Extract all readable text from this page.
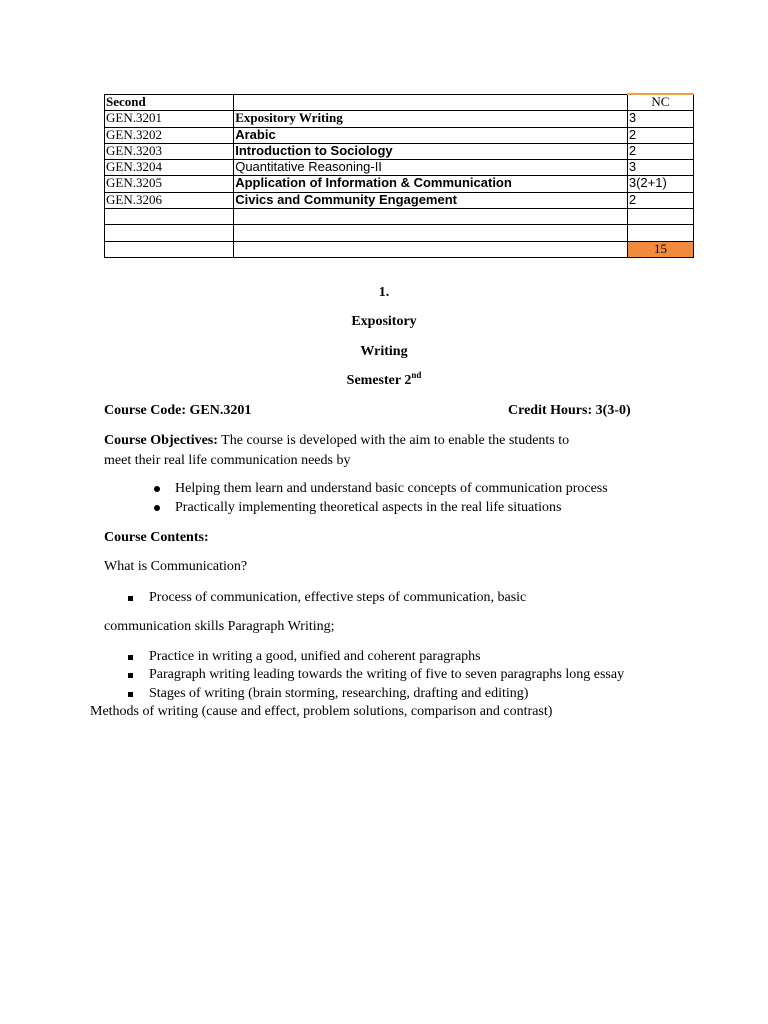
Second		NC
GEN.3201	Expository Writing	3
GEN.3202	Arabic	2
GEN.3203	Introduction to Sociology	2
GEN.3204	Quantitative Reasoning-II	3
GEN.3205	Application of Information & Communication	3(2+1)
GEN.3206	Civics and Community Engagement	2

		15
1.
Expository
Writing
Semester 2nd
Course Code: GEN.3201	Credit Hours: 3(3-0)
Course Objectives: The course is developed with the aim to enable the students to
meet their real life communication needs by
Helping them learn and understand basic concepts of communication process
Practically implementing theoretical aspects in the real life situations
Course Contents:
What is Communication?
Process of communication, effective steps of communication, basic
communication skills Paragraph Writing;
Practice in writing a good, unified and coherent paragraphs
Paragraph writing leading towards the writing of five to seven paragraphs long essay
Stages of writing (brain storming, researching, drafting and editing)
Methods of writing (cause and effect, problem solutions, comparison and contrast)
